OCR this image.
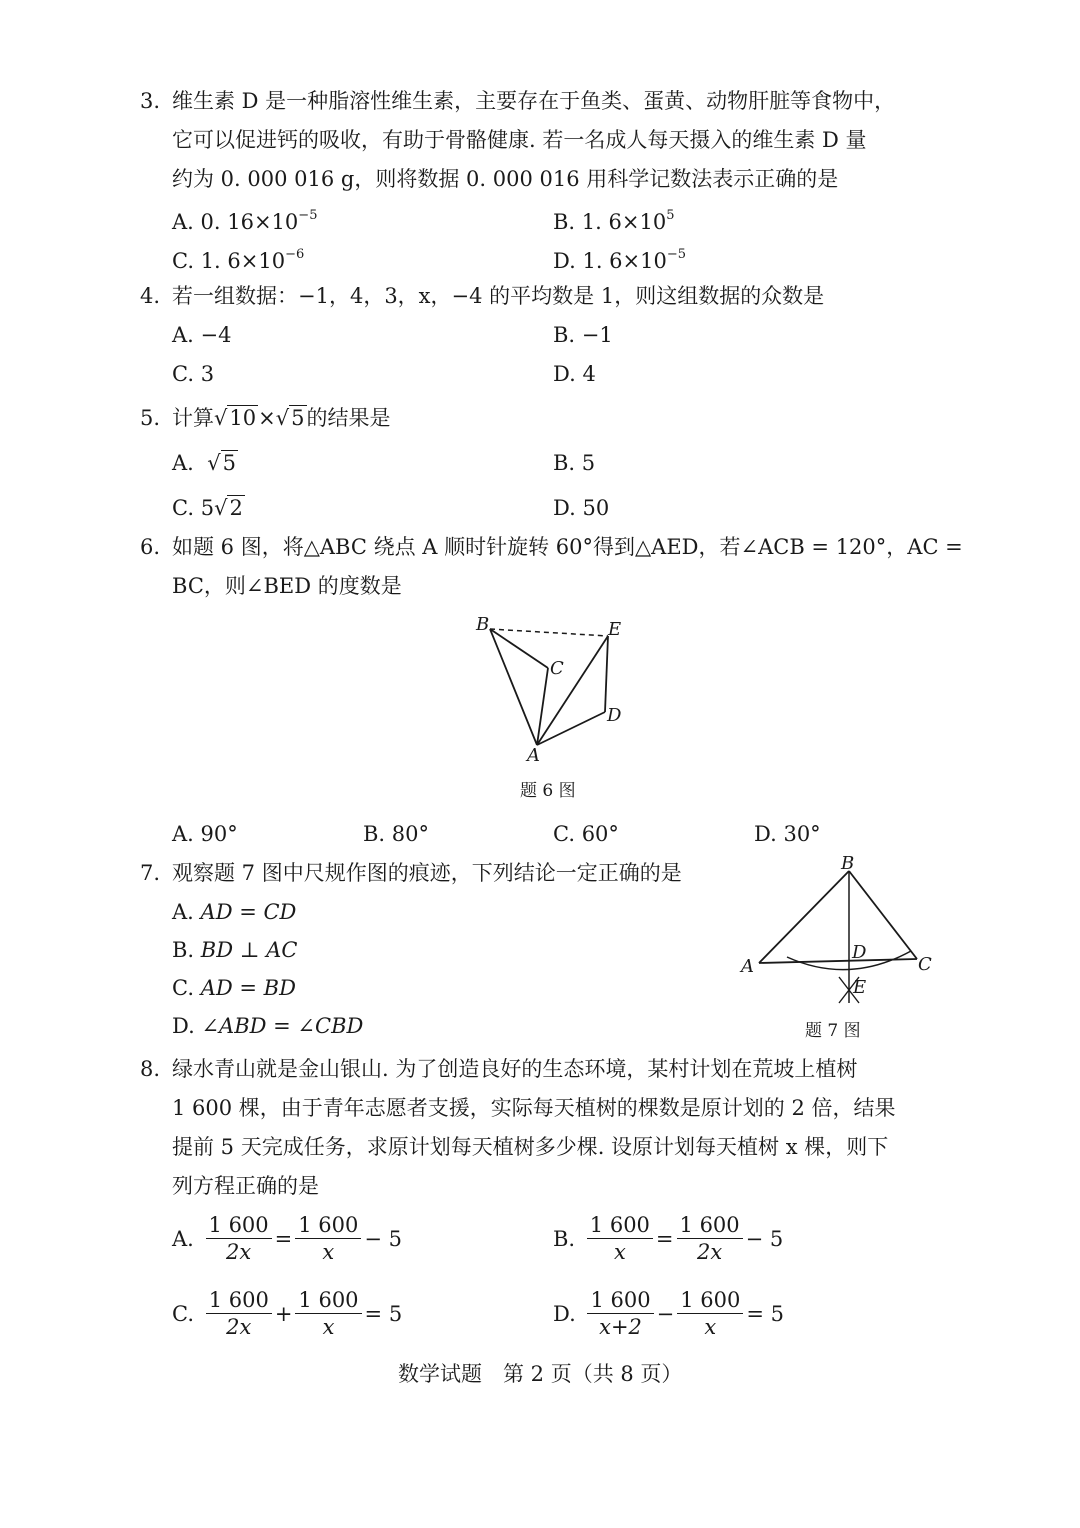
3. 维生素 D 是一种脂溶性维生素，主要存在于鱼类、蛋黄、动物肝脏等食物中，
它可以促进钙的吸收，有助于骨骼健康. 若一名成人每天摄入的维生素 D 量
约为 0. 000 016 g，则将数据 0. 000 016 用科学记数法表示正确的是
A. 0. $16\times 10^{-5}$	B. 1. $6\times 10^5$
C. 1. $6\times 10^{-6}$	D. 1. $6\times 10^{-5}$
4. 若一组数据：−1，4，3，x，−4 的平均数是 1，则这组数据的众数是
A. −4	B. −1
C. 3	D. 4
5. 计算√10×√5的结果是
A.  √5	B. 5
C. 5√2	D. 50
6. 如题 6 图，将△ABC 绕点 A 顺时针旋转 60°得到△AED，若∠ACB = 120°，AC =
BC，则∠BED 的度数是
B	E
C
D
A
题 6 图
A. 90°	B. 80°	C. 60°	D. 30°
7. 观察题 7 图中尺规作图的痕迹，下列结论一定正确的是
A. AD = CD
B. BD ⊥ AC
C. AD = BD
D. ∠ABD = ∠CBD
B
A	C
D
E
题 7 图
8. 绿水青山就是金山银山. 为了创造良好的生态环境，某村计划在荒坡上植树
1 600 棵，由于青年志愿者支援，实际每天植树的棵数是原计划的 2 倍，结果
提前 5 天完成任务，求原计划每天植树多少棵. 设原计划每天植树 x 棵，则下
列方程正确的是
A.
$\frac{1 600}{2x} = \frac{1 600}{x} - 5$	B.
$\frac{1 600}{x} = \frac{1 600}{2x} - 5$
C.
$\frac{1 600}{2x} + \frac{1 600}{x} = 5$	D.
$\frac{1 600}{x+2} - \frac{1 600}{x} = 5$
数学试题　第 2 页（共 8 页）
